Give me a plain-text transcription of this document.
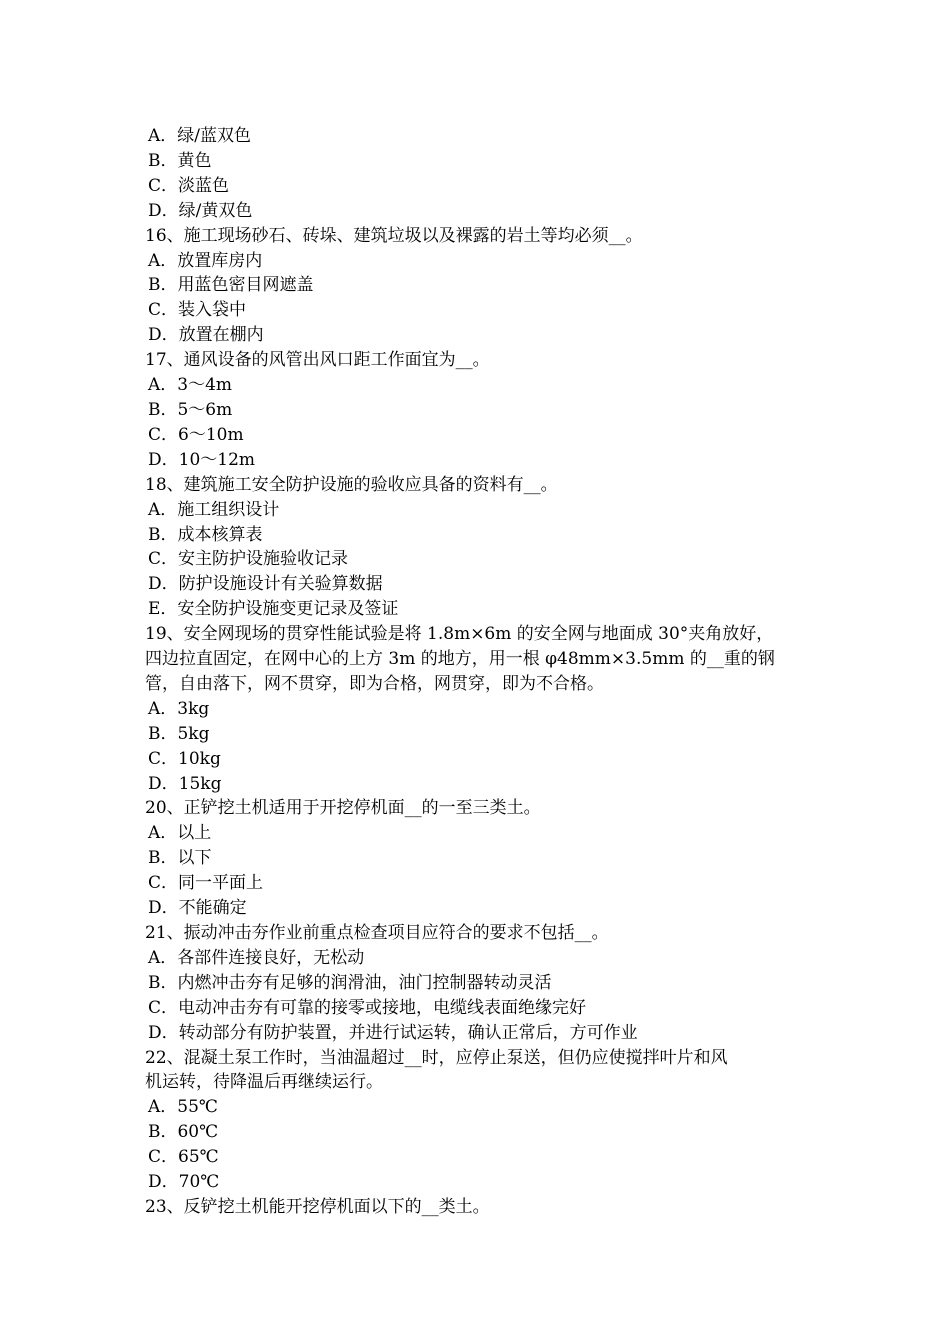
A．绿/蓝双色

B．黄色

C．淡蓝色

D．绿/黄双色

16、施工现场砂石、砖垛、建筑垃圾以及裸露的岩土等均必须__。

A．放置库房内

B．用蓝色密目网遮盖

C．装入袋中

D．放置在棚内

17、通风设备的风管出风口距工作面宜为__。

A．3～4m

B．5～6m

C．6～10m

D．10～12m

18、建筑施工安全防护设施的验收应具备的资料有__。

A．施工组织设计

B．成本核算表

C．安主防护设施验收记录

D．防护设施设计有关验算数据

E．安全防护设施变更记录及签证

19、安全网现场的贯穿性能试验是将 1.8m×6m 的安全网与地面成 30°夹角放好，

四边拉直固定，在网中心的上方 3m 的地方，用一根 φ48mm×3.5mm 的__重的钢

管，自由落下，网不贯穿，即为合格，网贯穿，即为不合格。

A．3kg

B．5kg

C．10kg

D．15kg

20、正铲挖土机适用于开挖停机面__的一至三类土。

A．以上

B．以下

C．同一平面上

D．不能确定

21、振动冲击夯作业前重点检查项目应符合的要求不包括__。

A．各部件连接良好，无松动

B．内燃冲击夯有足够的润滑油，油门控制器转动灵活

C．电动冲击夯有可靠的接零或接地，电缆线表面绝缘完好

D．转动部分有防护装置，并进行试运转，确认正常后，方可作业

22、混凝土泵工作时，当油温超过__时，应停止泵送，但仍应使搅拌叶片和风

机运转，待降温后再继续运行。

A．55℃

B．60℃

C．65℃

D．70℃

23、反铲挖土机能开挖停机面以下的__类土。
